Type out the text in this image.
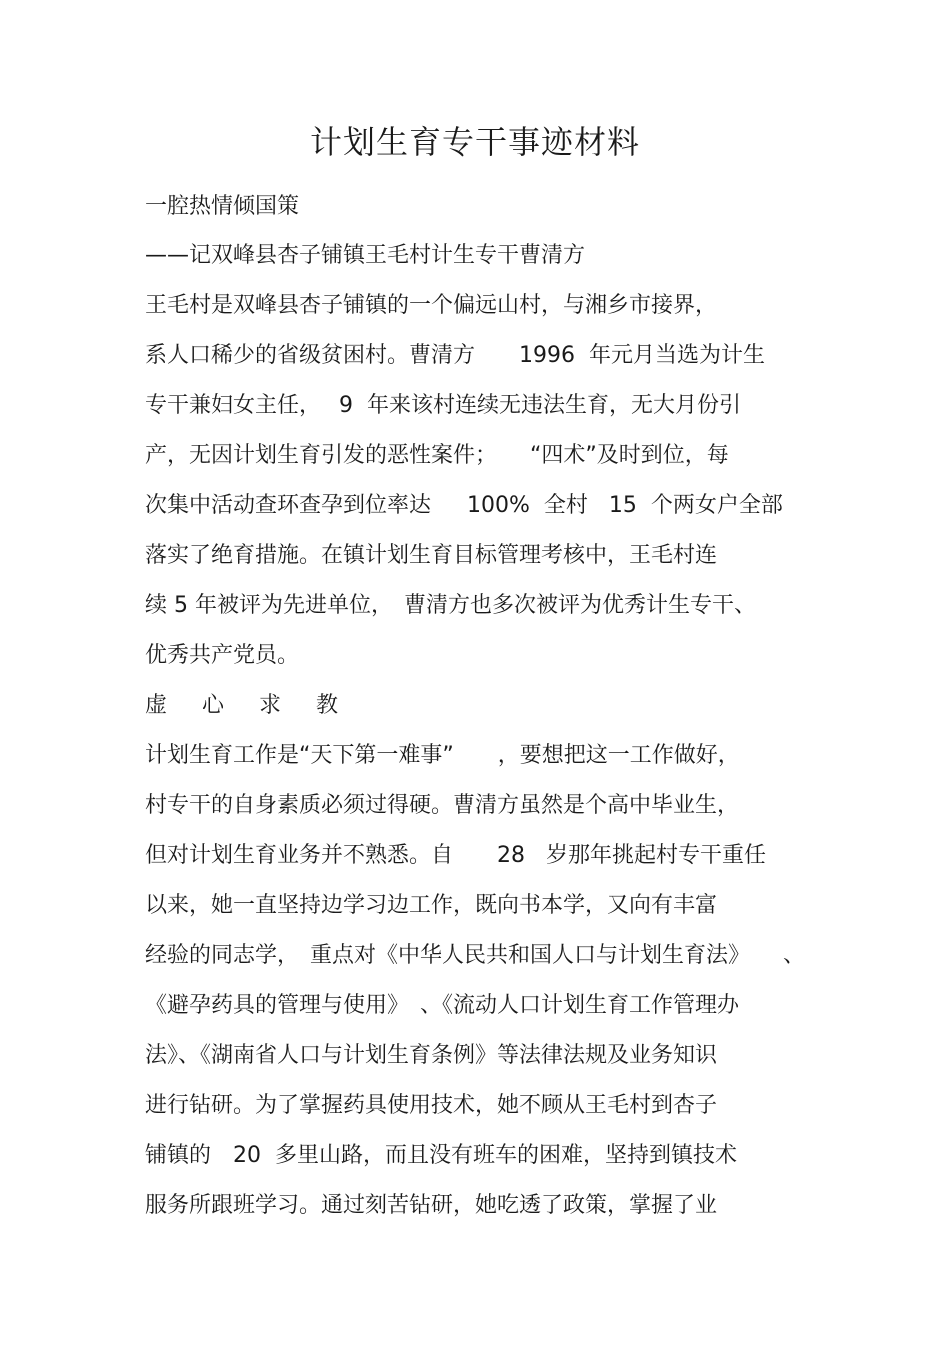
计划生育专干事迹材料
一腔热情倾国策
——记双峰县杏子铺镇王毛村计生专干曹清方
王毛村是双峰县杏子铺镇的一个偏远山村，与湘乡市接界，
系人口稀少的省级贫困村。曹清方　　1996  年元月当选为计生
专干兼妇女主任，　 9  年来该村连续无违法生育，无大月份引
产，无因计划生育引发的恶性案件；　　“四术”及时到位，每
次集中活动查环查孕到位率达　  100%  全村   15  个两女户全部
落实了绝育措施。在镇计划生育目标管理考核中，王毛村连
续 5 年被评为先进单位，　曹清方也多次被评为优秀计生专干、
优秀共产党员。
虚 心 求 教
计划生育工作是“天下第一难事”　　，要想把这一工作做好，
村专干的自身素质必须过得硬。曹清方虽然是个高中毕业生，
但对计划生育业务并不熟悉。自　　28   岁那年挑起村专干重任
以来，她一直坚持边学习边工作，既向书本学，又向有丰富
经验的同志学，　重点对《中华人民共和国人口与计划生育法》　　、
《避孕药具的管理与使用》　、《流动人口计划生育工作管理办
法》、《湖南省人口与计划生育条例》等法律法规及业务知识
进行钻研。为了掌握药具使用技术，她不顾从王毛村到杏子
铺镇的　20  多里山路，而且没有班车的困难，坚持到镇技术
服务所跟班学习。通过刻苦钻研，她吃透了政策，掌握了业
